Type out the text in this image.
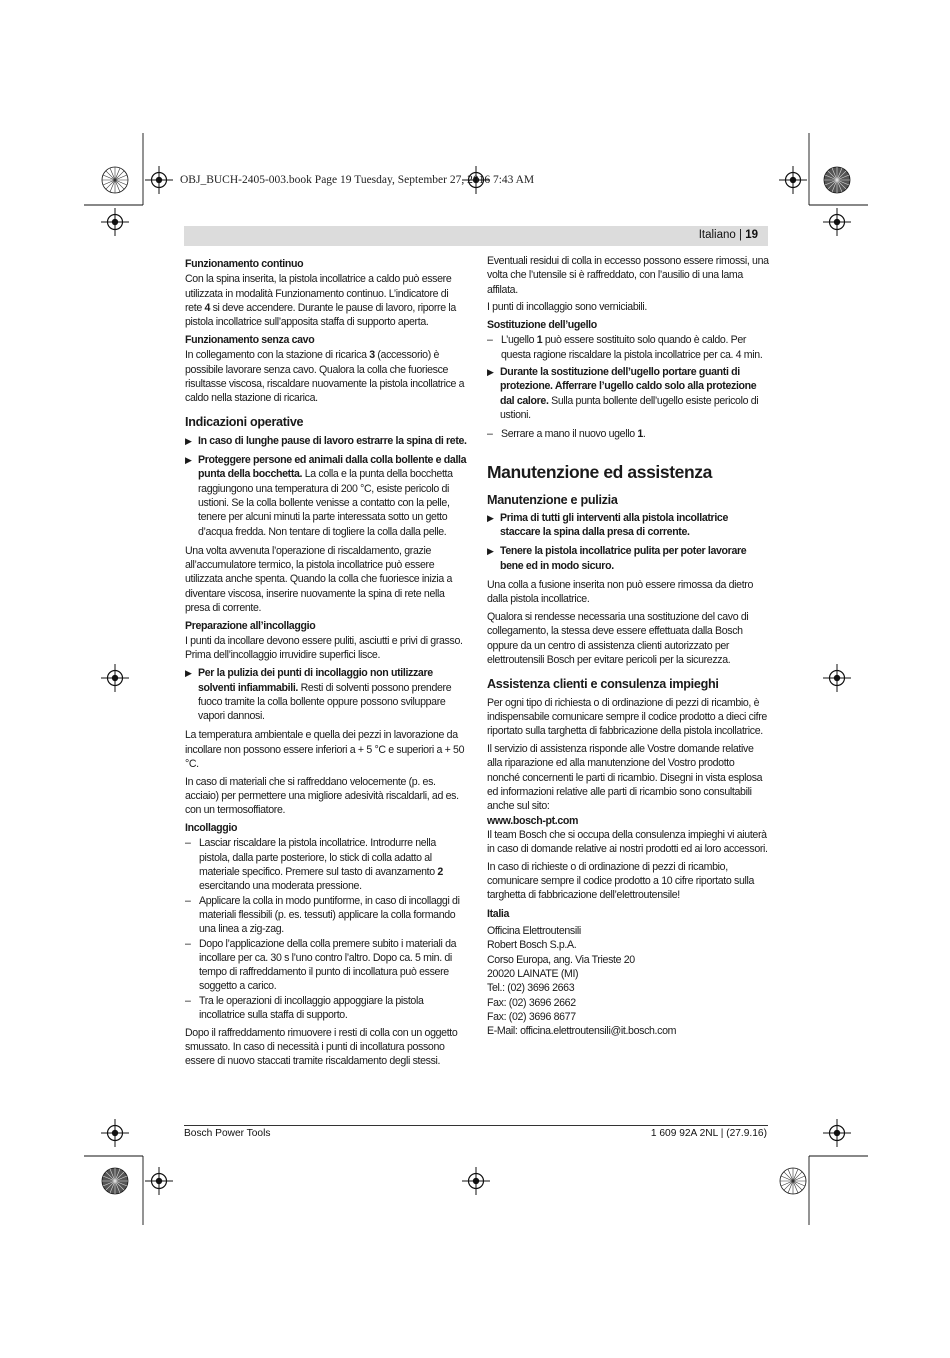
OBJ_BUCH-2405-003.book Page 19 Tuesday, September 27, 2016 7:43 AM
Italiano | 19
Funzionamento continuo

Con la spina inserita, la pistola incollatrice a caldo può essere utilizzata in modalità Funzionamento continuo. L’indicatore di rete 4 si deve accendere. Durante le pause di lavoro, riporre la pistola incollatrice sull’apposita staffa di supporto aperta.

Funzionamento senza cavo

In collegamento con la stazione di ricarica 3 (accessorio) è possibile lavorare senza cavo. Qualora la colla che fuoriesce risultasse viscosa, riscaldare nuovamente la pistola incollatrice a caldo nella stazione di ricarica.

Indicazioni operative
▶ In caso di lunghe pause di lavoro estrarre la spina di rete.
▶ Proteggere persone ed animali dalla colla bollente e dalla punta della bocchetta. La colla e la punta della bocchetta raggiungono una temperatura di 200 °C, esiste pericolo di ustioni. Se la colla bollente venisse a contatto con la pelle, tenere per alcuni minuti la parte interessata sotto un getto d’acqua fredda. Non tentare di togliere la colla dalla pelle.

Una volta avvenuta l’operazione di riscaldamento, grazie all’accumulatore termico, la pistola incollatrice può essere utilizzata anche spenta. Quando la colla che fuoriesce inizia a diventare viscosa, inserire nuovamente la spina di rete nella presa di corrente.

Preparazione all’incollaggio

I punti da incollare devono essere puliti, asciutti e privi di grasso. Prima dell’incollaggio irruvidire superfici lisce.

▶ Per la pulizia dei punti di incollaggio non utilizzare solventi infiammabili. Resti di solventi possono prendere fuoco tramite la colla bollente oppure possono sviluppare vapori dannosi.

La temperatura ambientale e quella dei pezzi in lavorazione da incollare non possono essere inferiori a + 5 °C e superiori a + 50 °C.

In caso di materiali che si raffreddano velocemente (p. es. acciaio) per permettere una migliore adesività riscaldarli, ad es. con un termosoffiatore.

Incollaggio
– Lasciar riscaldare la pistola incollatrice. Introdurre nella pistola, dalla parte posteriore, lo stick di colla adatto al materiale specifico. Premere sul tasto di avanzamento 2 esercitando una moderata pressione.
– Applicare la colla in modo puntiforme, in caso di incollaggi di materiali flessibili (p. es. tessuti) applicare la colla formando una linea a zig-zag.
– Dopo l’applicazione della colla premere subito i materiali da incollare per ca. 30 s l’uno contro l’altro. Dopo ca. 5 min. di tempo di raffreddamento il punto di incollatura può essere soggetto a carico.
– Tra le operazioni di incollaggio appoggiare la pistola incollatrice sulla staffa di supporto.

Dopo il raffreddamento rimuovere i resti di colla con un oggetto smussato. In caso di necessità i punti di incollatura possono essere di nuovo staccati tramite riscaldamento degli stessi.

Eventuali residui di colla in eccesso possono essere rimossi, una volta che l’utensile si è raffreddato, con l’ausilio di una lama affilata.

I punti di incollaggio sono verniciabili.

Sostituzione dell’ugello
– L’ugello 1 può essere sostituito solo quando è caldo. Per questa ragione riscaldare la pistola incollatrice per ca. 4 min.
▶ Durante la sostituzione dell’ugello portare guanti di protezione. Afferrare l’ugello caldo solo alla protezione dal calore. Sulla punta bollente dell’ugello esiste pericolo di ustioni.
– Serrare a mano il nuovo ugello 1.
Manutenzione ed assistenza
Manutenzione e pulizia
▶ Prima di tutti gli interventi alla pistola incollatrice staccare la spina dalla presa di corrente.
▶ Tenere la pistola incollatrice pulita per poter lavorare bene ed in modo sicuro.

Una colla a fusione inserita non può essere rimossa da dietro dalla pistola incollatrice.

Qualora si rendesse necessaria una sostituzione del cavo di collegamento, la stessa deve essere effettuata dalla Bosch oppure da un centro di assistenza clienti autorizzato per elettroutensili Bosch per evitare pericoli per la sicurezza.

Assistenza clienti e consulenza impieghi

Per ogni tipo di richiesta o di ordinazione di pezzi di ricambio, è indispensabile comunicare sempre il codice prodotto a dieci cifre riportato sulla targhetta di fabbricazione della pistola incollatrice.

Il servizio di assistenza risponde alle Vostre domande relative alla riparazione ed alla manutenzione del Vostro prodotto nonché concernenti le parti di ricambio. Disegni in vista esplosa ed informazioni relative alle parti di ricambio sono consultabili anche sul sito:

www.bosch-pt.com

Il team Bosch che si occupa della consulenza impieghi vi aiuterà in caso di domande relative ai nostri prodotti ed ai loro accessori.

In caso di richieste o di ordinazione di pezzi di ricambio, comunicare sempre il codice prodotto a 10 cifre riportato sulla targhetta di fabbricazione dell’elettroutensile!

Italia
Officina Elettroutensili
Robert Bosch S.p.A.
Corso Europa, ang. Via Trieste 20
20020 LAINATE (MI)
Tel.: (02) 3696 2663
Fax: (02) 3696 2662
Fax: (02) 3696 8677
E-Mail: officina.elettroutensili@it.bosch.com
Bosch Power Tools	1 609 92A 2NL | (27.9.16)
